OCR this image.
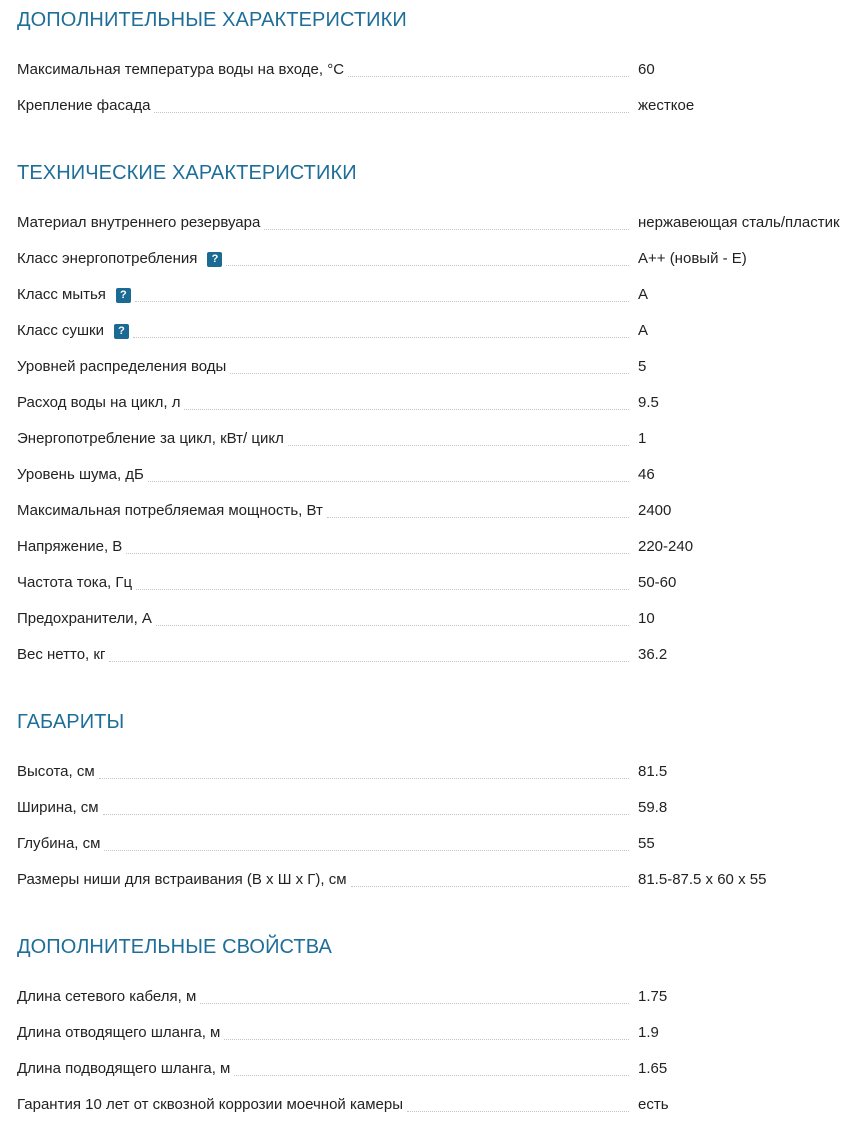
ДОПОЛНИТЕЛЬНЫЕ ХАРАКТЕРИСТИКИ
Максимальная температура воды на входе, °C	60
Крепление фасада	жесткое
ТЕХНИЧЕСКИЕ ХАРАКТЕРИСТИКИ
Материал внутреннего резервуара	нержавеющая сталь/пластик
Класс энергопотребления	?	A++ (новый - E)
Класс мытья	?	A
Класс сушки	?	A
Уровней распределения воды	5
Расход воды на цикл, л	9.5
Энергопотребление за цикл, кВт/ цикл	1
Уровень шума, дБ	46
Максимальная потребляемая мощность, Вт	2400
Напряжение, В	220-240
Частота тока, Гц	50-60
Предохранители, А	10
Вес нетто, кг	36.2
ГАБАРИТЫ
Высота, см	81.5
Ширина, см	59.8
Глубина, см	55
Размеры ниши для встраивания (В х Ш х Г), см	81.5-87.5 x 60 x 55
ДОПОЛНИТЕЛЬНЫЕ СВОЙСТВА
Длина сетевого кабеля, м	1.75
Длина отводящего шланга, м	1.9
Длина подводящего шланга, м	1.65
Гарантия 10 лет от сквозной коррозии моечной камеры	есть
